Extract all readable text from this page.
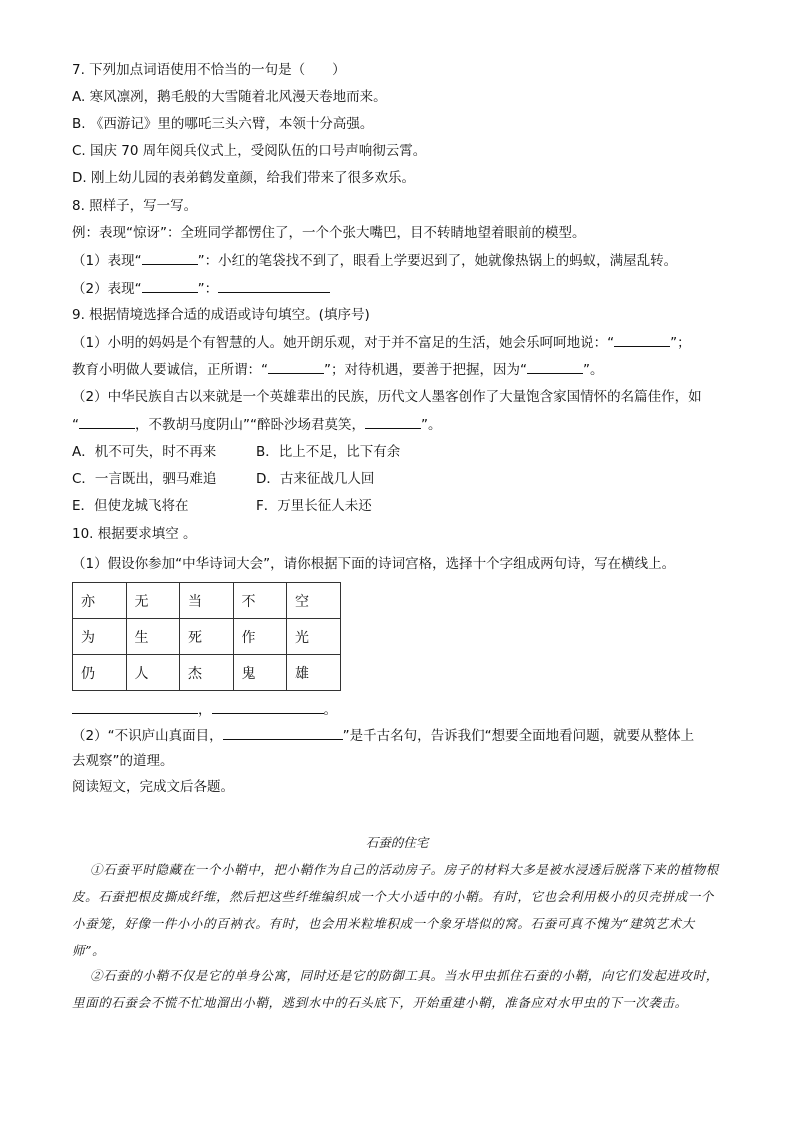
7. 下列加点词语使用不恰当的一句是（　　）
A. 寒风凛冽，鹅毛般的大雪随着北风漫天卷地而来。
B. 《西游记》里的哪吒三头六臂，本领十分高强。
C. 国庆 70 周年阅兵仪式上，受阅队伍的口号声响彻云霄。
D. 刚上幼儿园的表弟鹤发童颜，给我们带来了很多欢乐。
8. 照样子，写一写。
例：表现“惊讶”：全班同学都愣住了，一个个张大嘴巴，目不转睛地望着眼前的模型。
（1）表现“	”：小红的笔袋找不到了，眼看上学要迟到了，她就像热锅上的蚂蚁，满屋乱转。
（2）表现“	”：
9. 根据情境选择合适的成语或诗句填空。(填序号)
（1）小明的妈妈是个有智慧的人。她开朗乐观，对于并不富足的生活，她会乐呵呵地说：“	”；
教育小明做人要诚信，正所谓：“	”；对待机遇，要善于把握，因为“	”。
（2）中华民族自古以来就是一个英雄辈出的民族，历代文人墨客创作了大量饱含家国情怀的名篇佳作，如
“	，不教胡马度阴山”“醉卧沙场君莫笑，	”。
A．机不可失，时不再来	B．比上不足，比下有余
C．一言既出，驷马难追	D．古来征战几人回
E．但使龙城飞将在	F．万里长征人未还
10. 根据要求填空 。
（1）假设你参加“中华诗词大会”，请你根据下面的诗词宫格，选择十个字组成两句诗，写在横线上。
亦	无	当	不	空
为	生	死	作	光
仍	人	杰	鬼	雄
，	。
（2）“不识庐山真面目，	”是千古名句，告诉我们“想要全面地看问题，就要从整体上
去观察”的道理。
阅读短文，完成文后各题。
石蚕的住宅
①石蚕平时隐藏在一个小鞘中，把小鞘作为自己的活动房子。房子的材料大多是被水浸透后脱落下来的植物根皮。石蚕把根皮撕成纤维，然后把这些纤维编织成一个大小适中的小鞘。有时，它也会利用极小的贝壳拼成一个小蚕笼，好像一件小小的百衲衣。有时，也会用米粒堆积成一个象牙塔似的窝。石蚕可真不愧为“建筑艺术大师”。
②石蚕的小鞘不仅是它的单身公寓，同时还是它的防御工具。当水甲虫抓住石蚕的小鞘，向它们发起进攻时，里面的石蚕会不慌不忙地溜出小鞘，逃到水中的石头底下，开始重建小鞘，准备应对水甲虫的下一次袭击。
